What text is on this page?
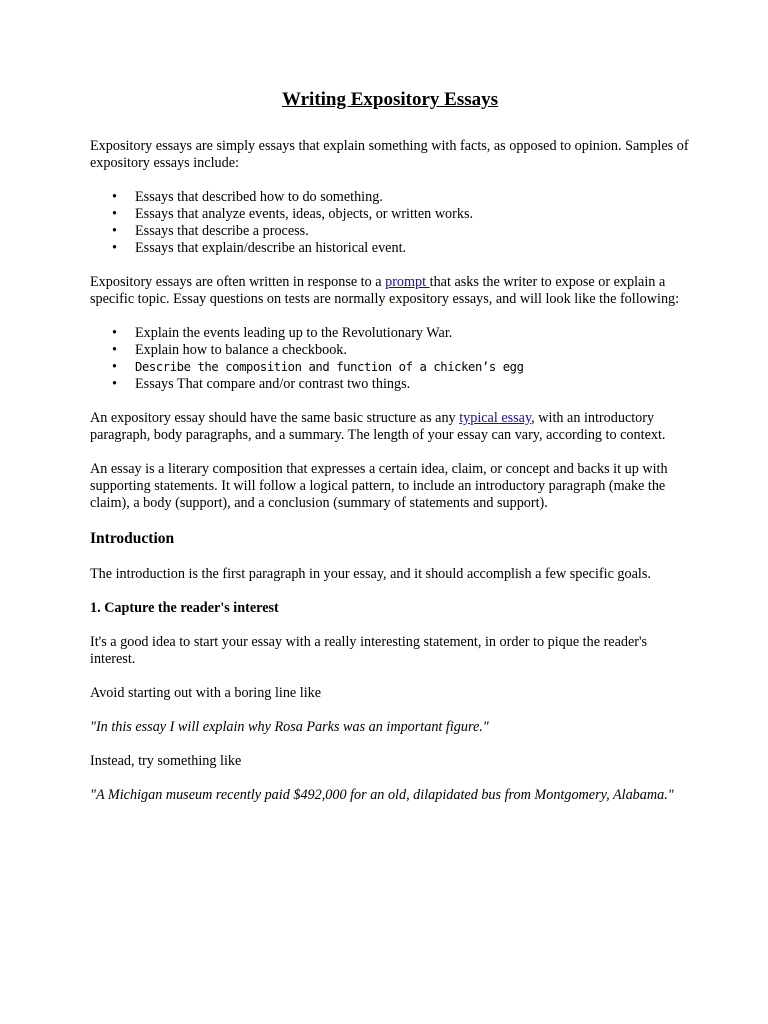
Writing Expository Essays

Expository essays are simply essays that explain something with facts, as opposed to opinion. Samples of expository essays include:

• Essays that described how to do something.
• Essays that analyze events, ideas, objects, or written works.
• Essays that describe a process.
• Essays that explain/describe an historical event.

Expository essays are often written in response to a prompt that asks the writer to expose or explain a specific topic. Essay questions on tests are normally expository essays, and will look like the following:

• Explain the events leading up to the Revolutionary War.
• Explain how to balance a checkbook.
• Describe the composition and function of a chicken’s egg
• Essays That compare and/or contrast two things.

An expository essay should have the same basic structure as any typical essay, with an introductory paragraph, body paragraphs, and a summary. The length of your essay can vary, according to context.

An essay is a literary composition that expresses a certain idea, claim, or concept and backs it up with supporting statements. It will follow a logical pattern, to include an introductory paragraph (make the claim), a body (support), and a conclusion (summary of statements and support).

Introduction

The introduction is the first paragraph in your essay, and it should accomplish a few specific goals.

1. Capture the reader's interest

It's a good idea to start your essay with a really interesting statement, in order to pique the reader's interest.

Avoid starting out with a boring line like

"In this essay I will explain why Rosa Parks was an important figure."

Instead, try something like

"A Michigan museum recently paid $492,000 for an old, dilapidated bus from Montgomery, Alabama."
